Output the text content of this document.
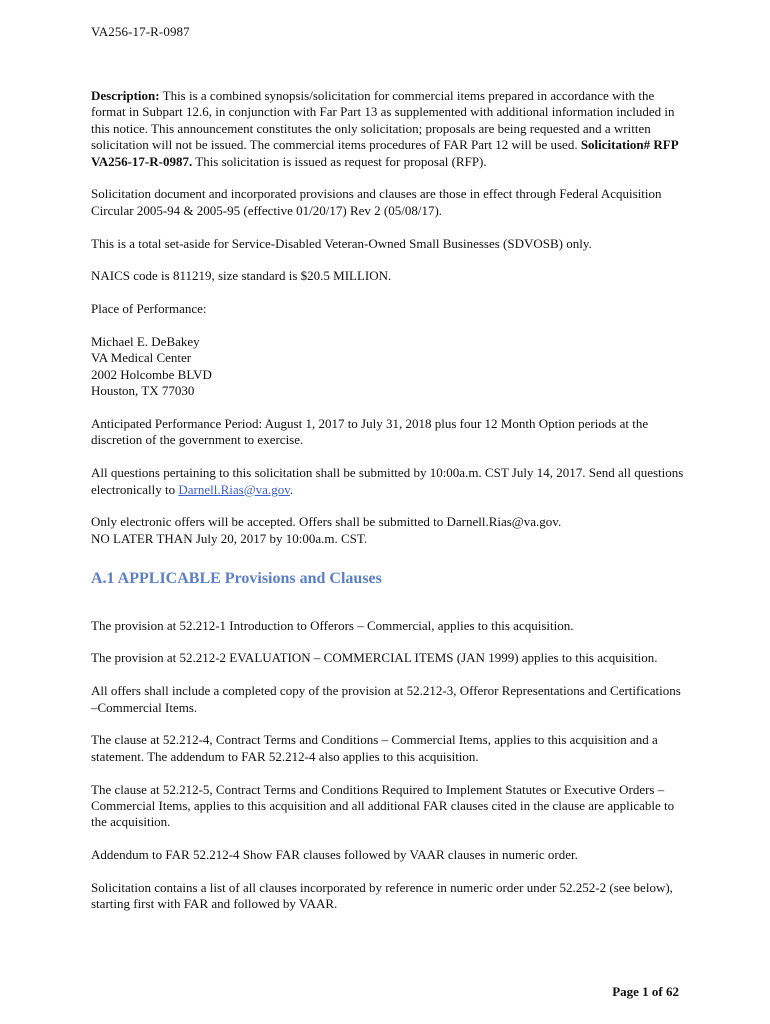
VA256-17-R-0987

Description: This is a combined synopsis/solicitation for commercial items prepared in accordance with the format in Subpart 12.6, in conjunction with Far Part 13 as supplemented with additional information included in this notice. This announcement constitutes the only solicitation; proposals are being requested and a written solicitation will not be issued. The commercial items procedures of FAR Part 12 will be used. Solicitation# RFP VA256-17-R-0987. This solicitation is issued as request for proposal (RFP).

Solicitation document and incorporated provisions and clauses are those in effect through Federal Acquisition Circular 2005-94 & 2005-95 (effective 01/20/17) Rev 2 (05/08/17).

This is a total set-aside for Service-Disabled Veteran-Owned Small Businesses (SDVOSB) only.

NAICS code is 811219, size standard is $20.5 MILLION.

Place of Performance:

Michael E. DeBakey
VA Medical Center
2002 Holcombe BLVD
Houston, TX 77030

Anticipated Performance Period: August 1, 2017 to July 31, 2018 plus four 12 Month Option periods at the discretion of the government to exercise.

All questions pertaining to this solicitation shall be submitted by 10:00a.m. CST July 14, 2017. Send all questions electronically to Darnell.Rias@va.gov.

Only electronic offers will be accepted. Offers shall be submitted to Darnell.Rias@va.gov.
NO LATER THAN July 20, 2017 by 10:00a.m. CST.

A.1 APPLICABLE Provisions and Clauses

The provision at 52.212-1 Introduction to Offerors – Commercial, applies to this acquisition.

The provision at 52.212-2 EVALUATION – COMMERCIAL ITEMS (JAN 1999) applies to this acquisition.

All offers shall include a completed copy of the provision at 52.212-3, Offeror Representations and Certifications –Commercial Items.

The clause at 52.212-4, Contract Terms and Conditions – Commercial Items, applies to this acquisition and a statement. The addendum to FAR 52.212-4 also applies to this acquisition.

The clause at 52.212-5, Contract Terms and Conditions Required to Implement Statutes or Executive Orders – Commercial Items, applies to this acquisition and all additional FAR clauses cited in the clause are applicable to the acquisition.

Addendum to FAR 52.212-4 Show FAR clauses followed by VAAR clauses in numeric order.

Solicitation contains a list of all clauses incorporated by reference in numeric order under 52.252-2 (see below), starting first with FAR and followed by VAAR.

Page 1 of 62
